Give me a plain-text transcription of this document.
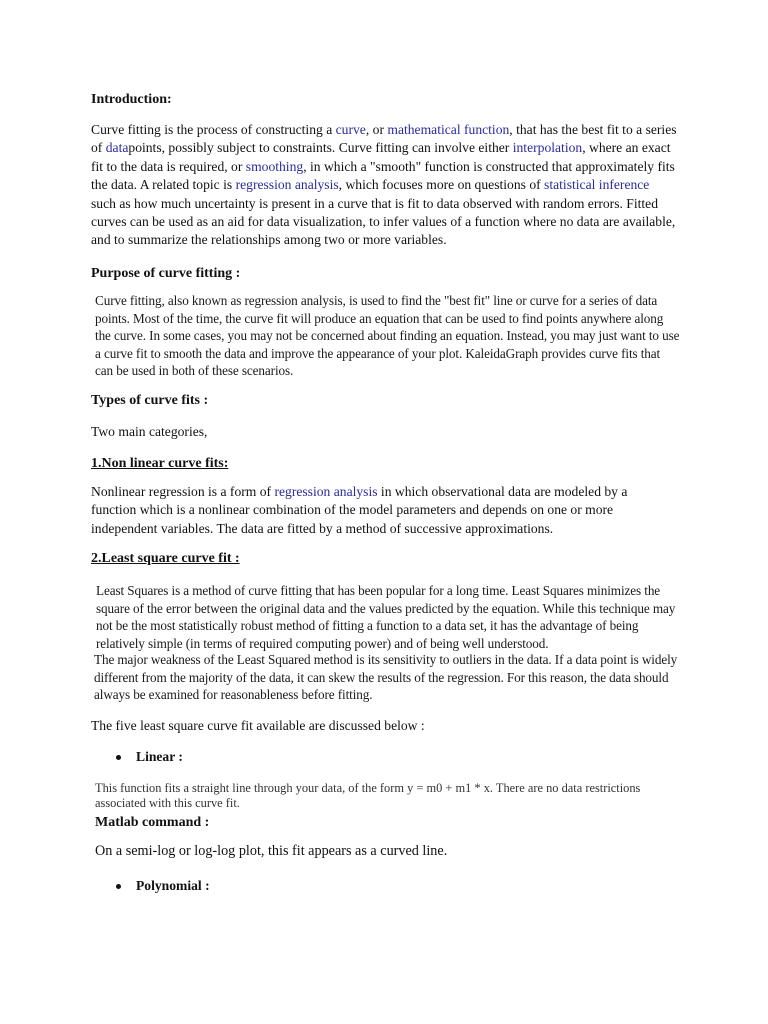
Introduction:

Curve fitting is the process of constructing a curve, or mathematical function, that has the best fit to a series of datapoints, possibly subject to constraints. Curve fitting can involve either interpolation, where an exact fit to the data is required, or smoothing, in which a "smooth" function is constructed that approximately fits the data. A related topic is regression analysis, which focuses more on questions of statistical inference such as how much uncertainty is present in a curve that is fit to data observed with random errors. Fitted curves can be used as an aid for data visualization, to infer values of a function where no data are available, and to summarize the relationships among two or more variables.

Purpose of curve fitting :

Curve fitting, also known as regression analysis, is used to find the "best fit" line or curve for a series of data points. Most of the time, the curve fit will produce an equation that can be used to find points anywhere along the curve. In some cases, you may not be concerned about finding an equation. Instead, you may just want to use a curve fit to smooth the data and improve the appearance of your plot. KaleidaGraph provides curve fits that can be used in both of these scenarios.

Types of curve fits :
Two main categories,
1.Non linear curve fits:

Nonlinear regression is a form of regression analysis in which observational data are modeled by a function which is a nonlinear combination of the model parameters and depends on one or more independent variables. The data are fitted by a method of successive approximations.

2.Least square curve fit :

Least Squares is a method of curve fitting that has been popular for a long time. Least Squares minimizes the square of the error between the original data and the values predicted by the equation. While this technique may not be the most statistically robust method of fitting a function to a data set, it has the advantage of being relatively simple (in terms of required computing power) and of being well understood.

The major weakness of the Least Squared method is its sensitivity to outliers in the data. If a data point is widely different from the majority of the data, it can skew the results of the regression. For this reason, the data should always be examined for reasonableness before fitting.

The five least square curve fit available are discussed below :
Linear :

This function fits a straight line through your data, of the form y = m0 + m1 * x. There are no data restrictions associated with this curve fit.

Matlab command :
On a semi-log or log-log plot, this fit appears as a curved line.
Polynomial :
